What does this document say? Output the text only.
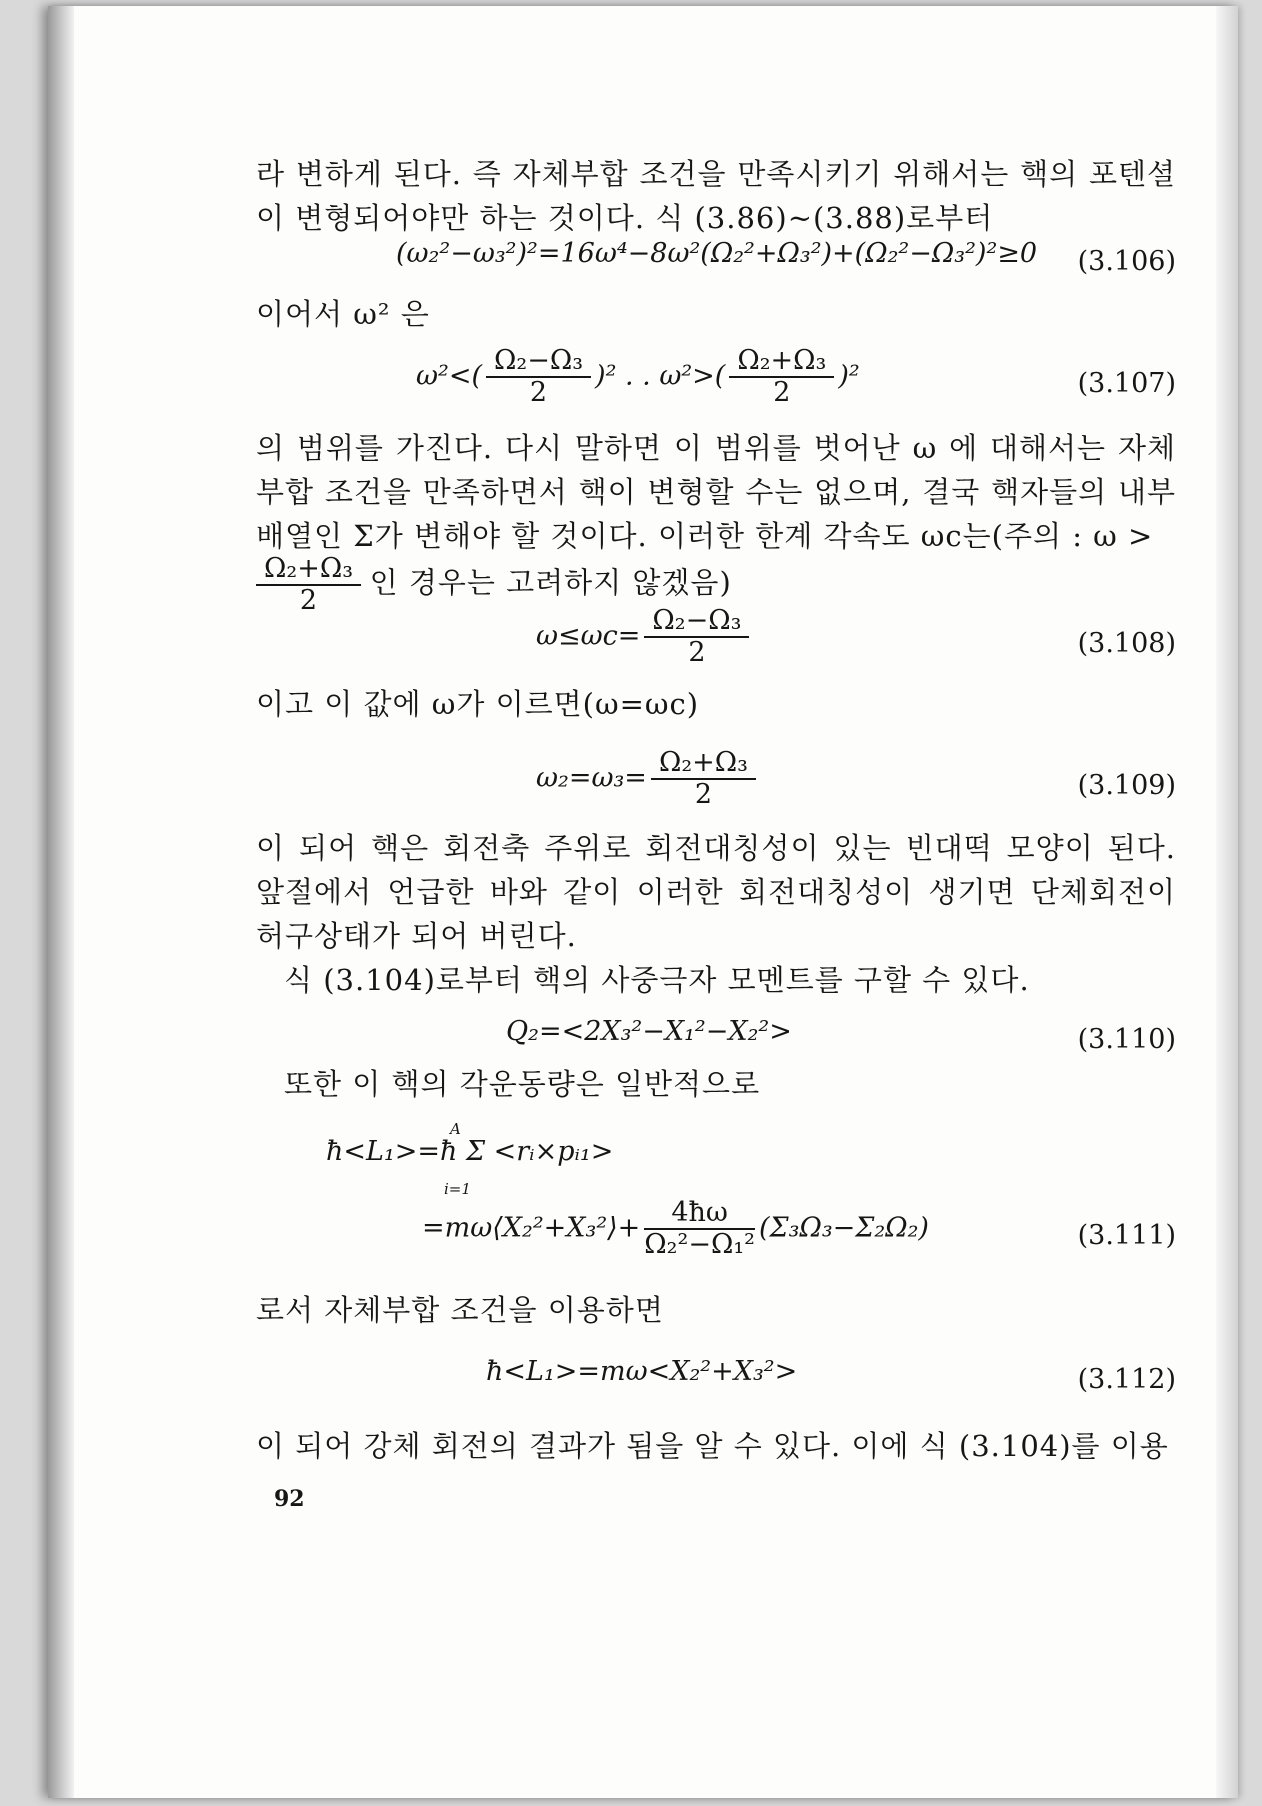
라 변하게 된다. 즉 자체부합 조건을 만족시키기 위해서는 핵의 포텐셜이 변형되어야만 하는 것이다. 식 (3.86)~(3.88)로부터

(ω₂²−ω₃²)²=16ω⁴−8ω²(Ω₂²+Ω₃²)+(Ω₂²−Ω₃²)²≥0 (3.106)

이어서 ω² 은

$\omega^2<( \frac{\text{Ω₂−Ω₃}}{2} )^2$ . . $\omega^2>( \frac{\text{Ω₂+Ω₃}}{2} )^2$	(3.107)

의 범위를 가진다. 다시 말하면 이 범위를 벗어난 ω 에 대해서는 자체부합 조건을 만족하면서 핵이 변형할 수는 없으며, 결국 핵자들의 내부배열인 Σ가 변해야 할 것이다. 이러한 한계 각속도 ωc는(주의 : ω >

$\frac{\text{Ω₂+Ω₃}}{2}$ 인 경우는 고려하지 않겠음)
$\omega\le\omega c= \frac{\text{Ω₂−Ω₃}}{2}$	(3.108)

이고 이 값에 ω가 이르면(ω=ωc)

$\omega_2=\omega_3= \frac{\text{Ω₂+Ω₃}}{2}$	(3.109)

이 되어 핵은 회전축 주위로 회전대칭성이 있는 빈대떡 모양이 된다. 앞절에서 언급한 바와 같이 이러한 회전대칭성이 생기면 단체회전이 허구상태가 되어 버린다.

식 (3.104)로부터 핵의 사중극자 모멘트를 구할 수 있다.

Q₂=<2X₃²−X₁²−X₂²>	(3.110)

또한 이 핵의 각운동량은 일반적으로

ħ<L₁>=ħ Σ <rᵢ×pᵢ₁>
A
i=1
=mω⟨X₂²+X₃²⟩+ $\frac{4ħ\omega}{\text{Ω₂²−Ω₁²}} (\Sigma_3\Omega_3-\Sigma_2\Omega_2)$	(3.111)

로서 자체부합 조건을 이용하면

ħ<L₁>=mω<X₂²+X₃²>	(3.112)

이 되어 강체 회전의 결과가 됨을 알 수 있다. 이에 식 (3.104)를 이용

92
